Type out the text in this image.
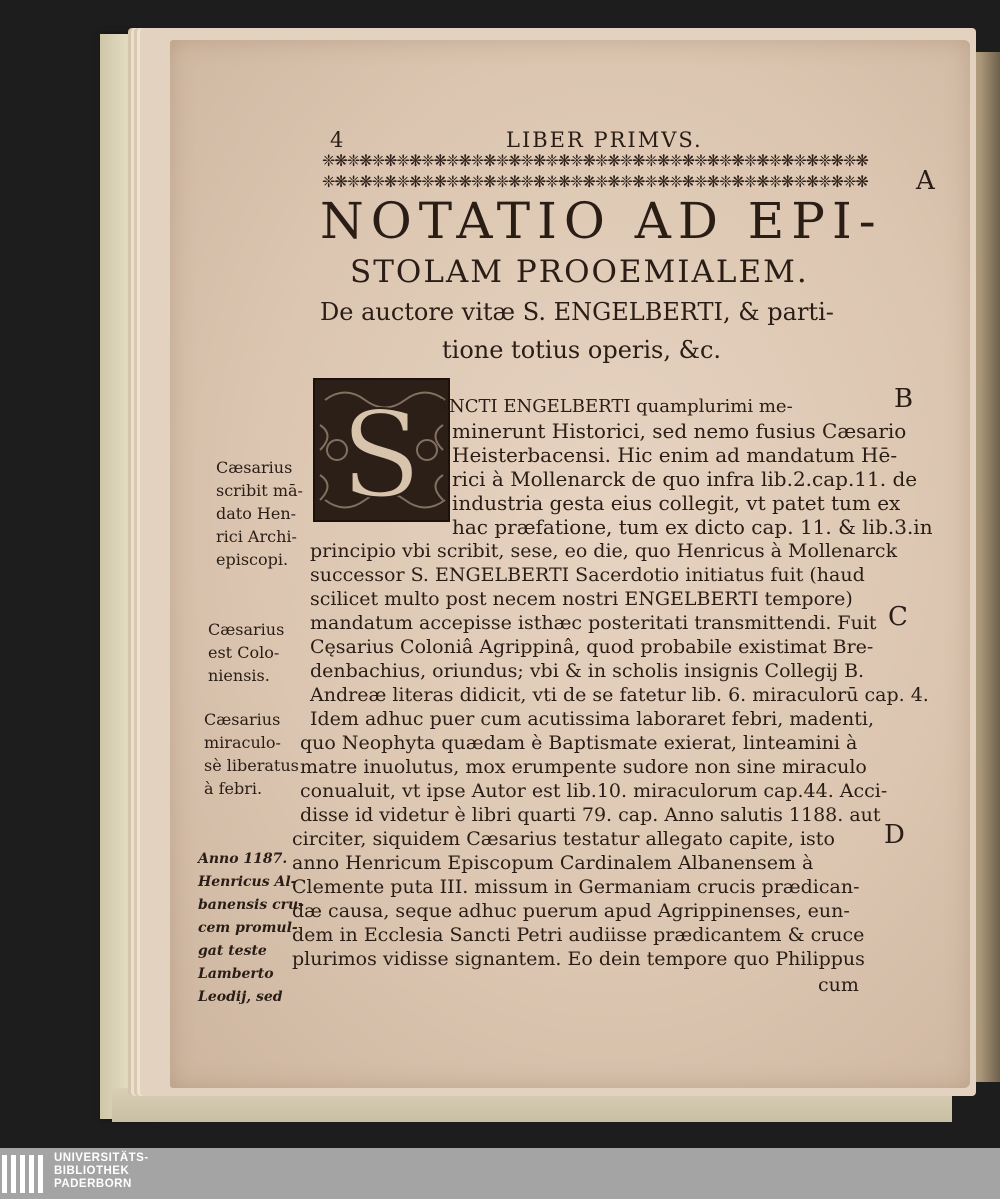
4	LIBER PRIMVS.
❈❋❈❋❈❋❈❋❈❋❈❋❈❋❈❋❈❋❈❋❈❋❈❋❈❋❈❋❈❋❈❋❈❋❈❋❈❋❈❋❈❋❈❋
❈❋❈❋❈❋❈❋❈❋❈❋❈❋❈❋❈❋❈❋❈❋❈❋❈❋❈❋❈❋❈❋❈❋❈❋❈❋❈❋❈❋❈❋	A
B
C
D
NOTATIO AD EPI-
STOLAM PROOEMIALEM.
De auctore vitæ S. ENGELBERTI, & parti-
tione totius operis, &c.
S ANCTI ENGELBERTI quamplurimi me-
minerunt Historici, sed nemo fusius Cæsario
Heisterbacensi. Hic enim ad mandatum Hē-
rici à Mollenarck de quo infra lib.2.cap.11. de
industria gesta eius collegit, vt patet tum ex
hac præfatione, tum ex dicto cap. 11. & lib.3.in
principio vbi scribit, sese, eo die, quo Henricus à Mollenarck
successor S. ENGELBERTI Sacerdotio initiatus fuit (haud
scilicet multo post necem nostri ENGELBERTI tempore)
mandatum accepisse isthæc posteritati transmittendi. Fuit
Cęsarius Coloniâ Agrippinâ, quod probabile existimat Bre-
denbachius, oriundus; vbi & in scholis insignis Collegij B.
Andreæ literas didicit, vti de se fatetur lib. 6. miraculorū cap. 4.
Idem adhuc puer cum acutissima laboraret febri, madenti,
quo Neophyta quædam è Baptismate exierat, linteamini à
matre inuolutus, mox erumpente sudore non sine miraculo
conualuit, vt ipse Autor est lib.10. miraculorum cap.44. Acci-
disse id videtur è libri quarti 79. cap. Anno salutis 1188. aut
circiter, siquidem Cæsarius testatur allegato capite, isto
anno Henricum Episcopum Cardinalem Albanensem à
Clemente puta III. missum in Germaniam crucis prædican-
dæ causa, seque adhuc puerum apud Agrippinenses, eun-
dem in Ecclesia Sancti Petri audiisse prædicantem & cruce
plurimos vidisse signantem. Eo dein tempore quo Philippus
cum
Cæsarius
scribit mā-
dato Hen-
rici Archi-
episcopi.
Cæsarius
est Colo-
niensis.
Cæsarius
miraculo-
sè liberatus
à febri.
Anno 1187.
Henricus Al-
banensis cru-
cem promul-
gat teste
Lamberto
Leodij, sed
UNIVERSITÄTS-
BIBLIOTHEK
PADERBORN
